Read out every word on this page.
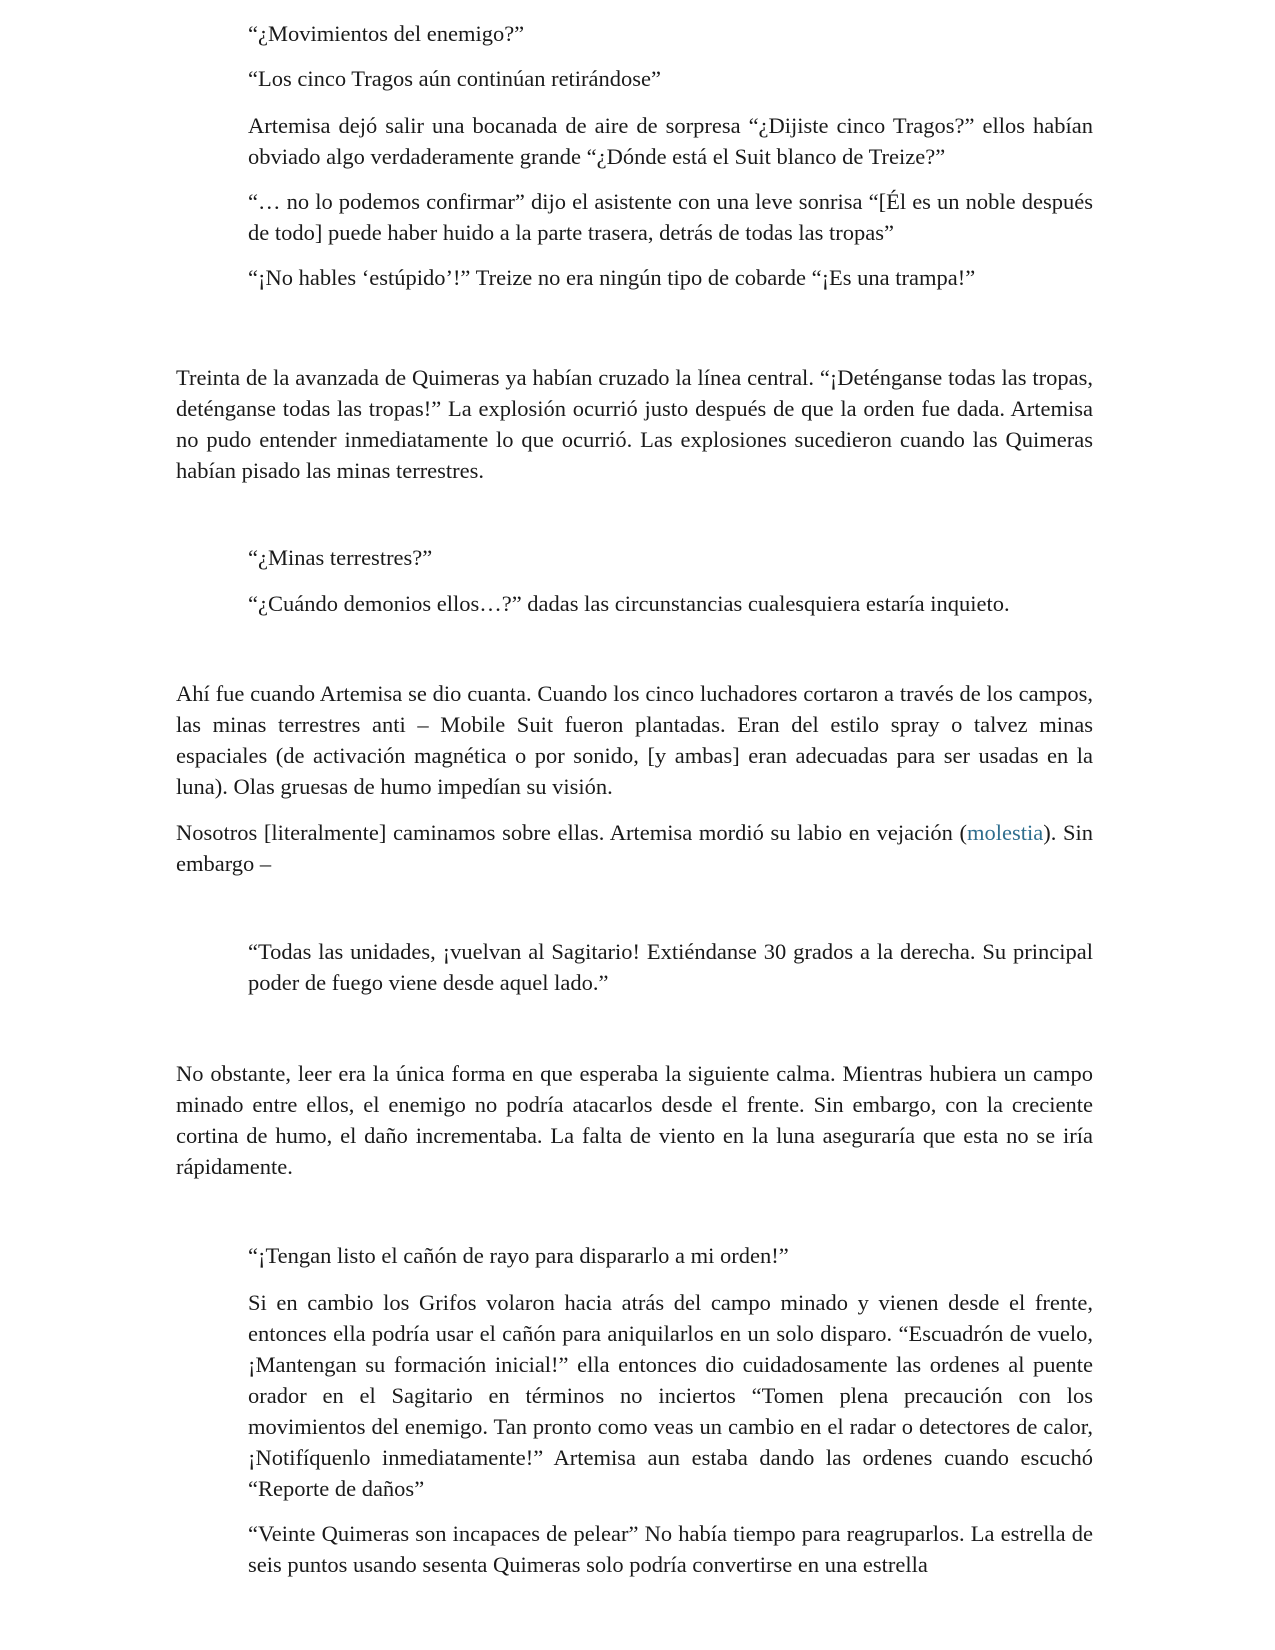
“¿Movimientos del enemigo?”

“Los cinco Tragos aún continúan retirándose”

Artemisa dejó salir una bocanada de aire de sorpresa “¿Dijiste cinco Tragos?” ellos habían obviado algo verdaderamente grande “¿Dónde está el Suit blanco de Treize?”

“… no lo podemos confirmar” dijo el asistente con una leve sonrisa “[Él es un noble después de todo] puede haber huido a la parte trasera, detrás de todas las tropas”

“¡No hables ‘estúpido’!” Treize no era ningún tipo de cobarde “¡Es una trampa!”

Treinta de la avanzada de Quimeras ya habían cruzado la línea central. “¡Deténganse todas las tropas, deténganse todas las tropas!” La explosión ocurrió justo después de que la orden fue dada. Artemisa no pudo entender inmediatamente lo que ocurrió. Las explosiones sucedieron cuando las Quimeras habían pisado las minas terrestres.

“¿Minas terrestres?”

“¿Cuándo demonios ellos…?” dadas las circunstancias cualesquiera estaría inquieto.

Ahí fue cuando Artemisa se dio cuanta. Cuando los cinco luchadores cortaron a través de los campos, las minas terrestres anti – Mobile Suit fueron plantadas. Eran del estilo spray o talvez minas espaciales (de activación magnética o por sonido, [y ambas] eran adecuadas para ser usadas en la luna). Olas gruesas de humo impedían su visión.

Nosotros [literalmente] caminamos sobre ellas. Artemisa mordió su labio en vejación (molestia). Sin embargo –

“Todas las unidades, ¡vuelvan al Sagitario! Extiéndanse 30 grados a la derecha. Su principal poder de fuego viene desde aquel lado.”

No obstante, leer era la única forma en que esperaba la siguiente calma. Mientras hubiera un campo minado entre ellos, el enemigo no podría atacarlos desde el frente. Sin embargo, con la creciente cortina de humo, el daño incrementaba. La falta de viento en la luna aseguraría que esta no se iría rápidamente.

“¡Tengan listo el cañón de rayo para dispararlo a mi orden!”

Si en cambio los Grifos volaron hacia atrás del campo minado y vienen desde el frente, entonces ella podría usar el cañón para aniquilarlos en un solo disparo. “Escuadrón de vuelo, ¡Mantengan su formación inicial!” ella entonces dio cuidadosamente las ordenes al puente orador en el Sagitario en términos no inciertos “Tomen plena precaución con los movimientos del enemigo. Tan pronto como veas un cambio en el radar o detectores de calor, ¡Notifíquenlo inmediatamente!” Artemisa aun estaba dando las ordenes cuando escuchó “Reporte de daños”

“Veinte Quimeras son incapaces de pelear” No había tiempo para reagruparlos. La estrella de seis puntos usando sesenta Quimeras solo podría convertirse en una estrella
